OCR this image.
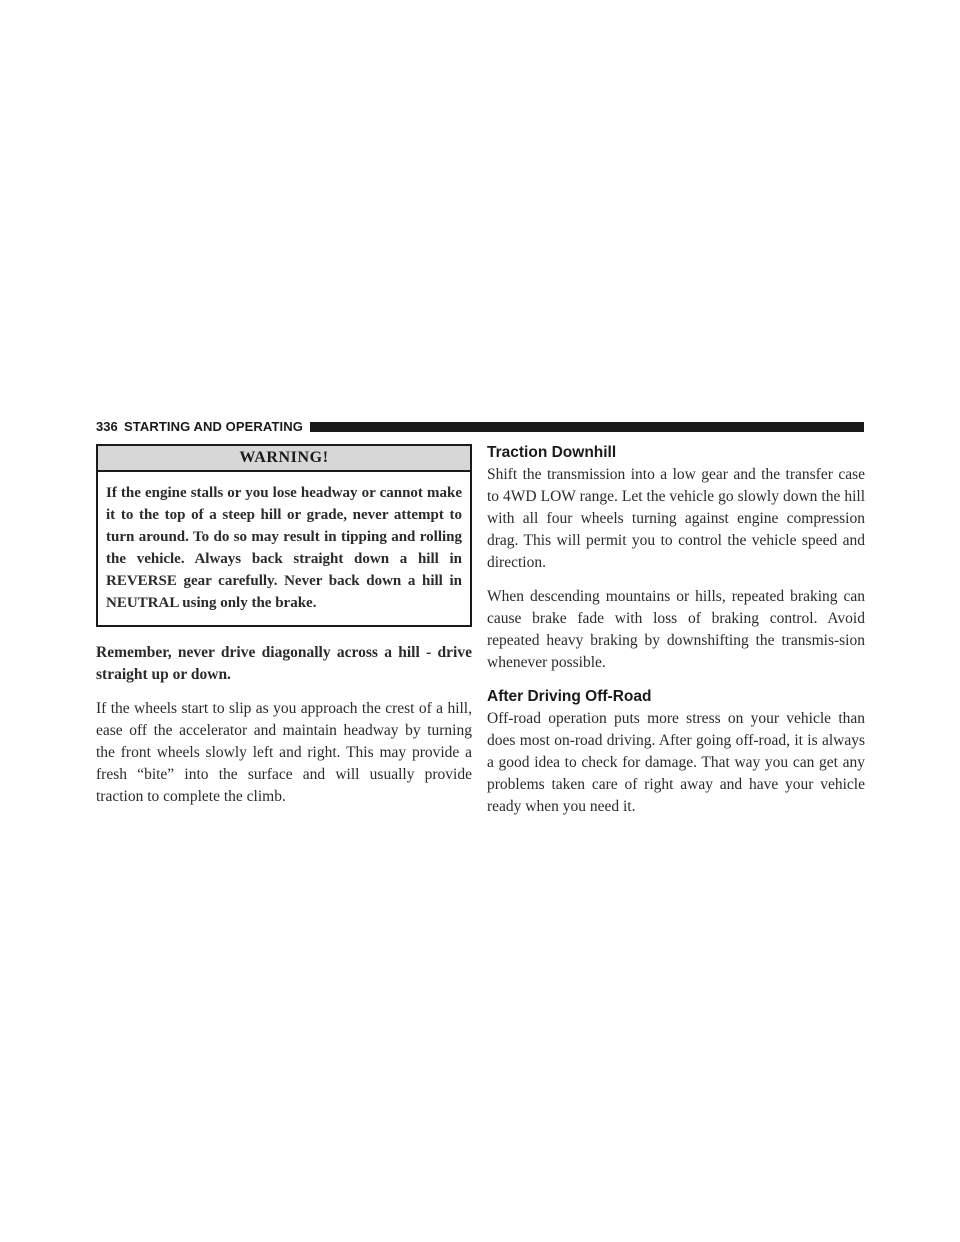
336 STARTING AND OPERATING
WARNING!
If the engine stalls or you lose headway or cannot make it to the top of a steep hill or grade, never attempt to turn around. To do so may result in tipping and rolling the vehicle. Always back straight down a hill in REVERSE gear carefully. Never back down a hill in NEUTRAL using only the brake.

Remember, never drive diagonally across a hill - drive straight up or down.

If the wheels start to slip as you approach the crest of a hill, ease off the accelerator and maintain headway by turning the front wheels slowly left and right. This may provide a fresh “bite” into the surface and will usually provide traction to complete the climb.

Traction Downhill

Shift the transmission into a low gear and the transfer case to 4WD LOW range. Let the vehicle go slowly down the hill with all four wheels turning against engine compression drag. This will permit you to control the vehicle speed and direction.

When descending mountains or hills, repeated braking can cause brake fade with loss of braking control. Avoid repeated heavy braking by downshifting the transmis-sion whenever possible.

After Driving Off-Road

Off-road operation puts more stress on your vehicle than does most on-road driving. After going off-road, it is always a good idea to check for damage. That way you can get any problems taken care of right away and have your vehicle ready when you need it.
